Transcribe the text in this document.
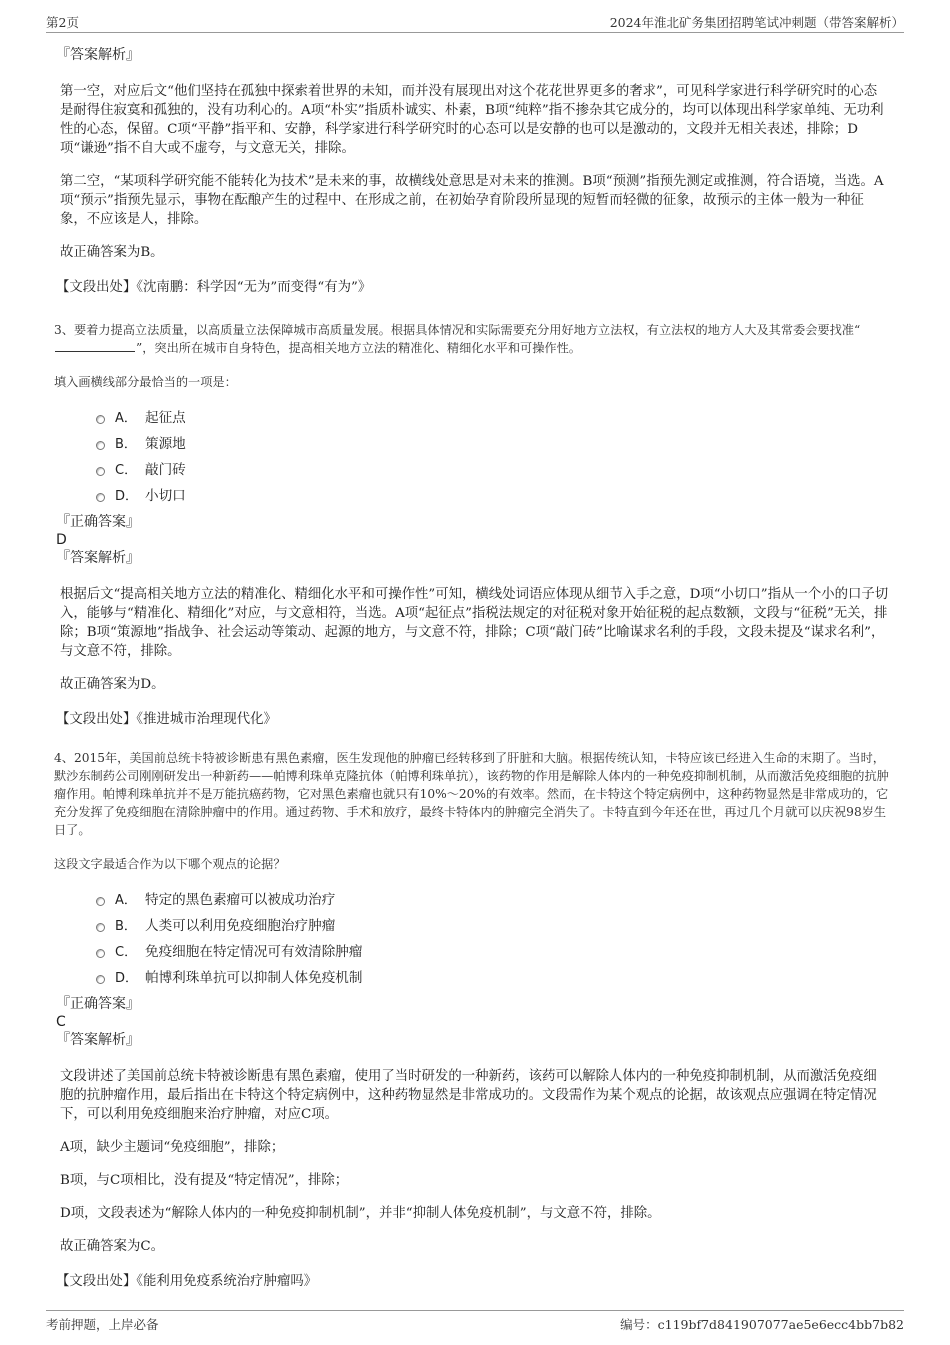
第2页	2024年淮北矿务集团招聘笔试冲刺题（带答案解析）

『答案解析』

第一空，对应后文“他们坚持在孤独中探索着世界的未知，而并没有展现出对这个花花世界更多的奢求”，可见科学家进行科学研究时的心态是耐得住寂寞和孤独的，没有功利心的。A项“朴实”指质朴诚实、朴素，B项“纯粹”指不掺杂其它成分的，均可以体现出科学家单纯、无功利性的心态，保留。C项“平静”指平和、安静，科学家进行科学研究时的心态可以是安静的也可以是激动的，文段并无相关表述，排除；D项“谦逊”指不自大或不虚夸，与文意无关，排除。

第二空，“某项科学研究能不能转化为技术”是未来的事，故横线处意思是对未来的推测。B项“预测”指预先测定或推测，符合语境，当选。A项“预示”指预先显示，事物在酝酿产生的过程中、在形成之前，在初始孕育阶段所显现的短暂而轻微的征象，故预示的主体一般为一种征象，不应该是人，排除。

故正确答案为B。

【文段出处】《沈南鹏：科学因“无为”而变得“有为”》

3、要着力提高立法质量，以高质量立法保障城市高质量发展。根据具体情况和实际需要充分用好地方立法权，有立法权的地方人大及其常委会要找准“”，突出所在城市自身特色，提高相关地方立法的精准化、精细化水平和可操作性。

填入画横线部分最恰当的一项是：

A． 起征点
B． 策源地
C． 敲门砖
D． 小切口

『正确答案』

D

『答案解析』

根据后文“提高相关地方立法的精准化、精细化水平和可操作性”可知，横线处词语应体现从细节入手之意，D项“小切口”指从一个小的口子切入，能够与“精准化、精细化”对应，与文意相符，当选。A项“起征点”指税法规定的对征税对象开始征税的起点数额，文段与“征税”无关，排除；B项“策源地”指战争、社会运动等策动、起源的地方，与文意不符，排除；C项“敲门砖”比喻谋求名利的手段，文段未提及“谋求名利”，与文意不符，排除。

故正确答案为D。

【文段出处】《推进城市治理现代化》

4、2015年，美国前总统卡特被诊断患有黑色素瘤，医生发现他的肿瘤已经转移到了肝脏和大脑。根据传统认知，卡特应该已经进入生命的末期了。当时，默沙东制药公司刚刚研发出一种新药——帕博利珠单克隆抗体（帕博利珠单抗），该药物的作用是解除人体内的一种免疫抑制机制，从而激活免疫细胞的抗肿瘤作用。帕博利珠单抗并不是万能抗癌药物，它对黑色素瘤也就只有10%～20%的有效率。然而，在卡特这个特定病例中，这种药物显然是非常成功的，它充分发挥了免疫细胞在清除肿瘤中的作用。通过药物、手术和放疗，最终卡特体内的肿瘤完全消失了。卡特直到今年还在世，再过几个月就可以庆祝98岁生日了。

这段文字最适合作为以下哪个观点的论据？

A． 特定的黑色素瘤可以被成功治疗
B． 人类可以利用免疫细胞治疗肿瘤
C． 免疫细胞在特定情况可有效清除肿瘤
D． 帕博利珠单抗可以抑制人体免疫机制

『正确答案』

C

『答案解析』

文段讲述了美国前总统卡特被诊断患有黑色素瘤，使用了当时研发的一种新药，该药可以解除人体内的一种免疫抑制机制，从而激活免疫细胞的抗肿瘤作用，最后指出在卡特这个特定病例中，这种药物显然是非常成功的。文段需作为某个观点的论据，故该观点应强调在特定情况下，可以利用免疫细胞来治疗肿瘤，对应C项。

A项，缺少主题词“免疫细胞”，排除；

B项，与C项相比，没有提及“特定情况”，排除；

D项，文段表述为“解除人体内的一种免疫抑制机制”，并非“抑制人体免疫机制”，与文意不符，排除。

故正确答案为C。

【文段出处】《能利用免疫系统治疗肿瘤吗》

考前押题，上岸必备	编号：c119bf7d841907077ae5e6ecc4bb7b82
